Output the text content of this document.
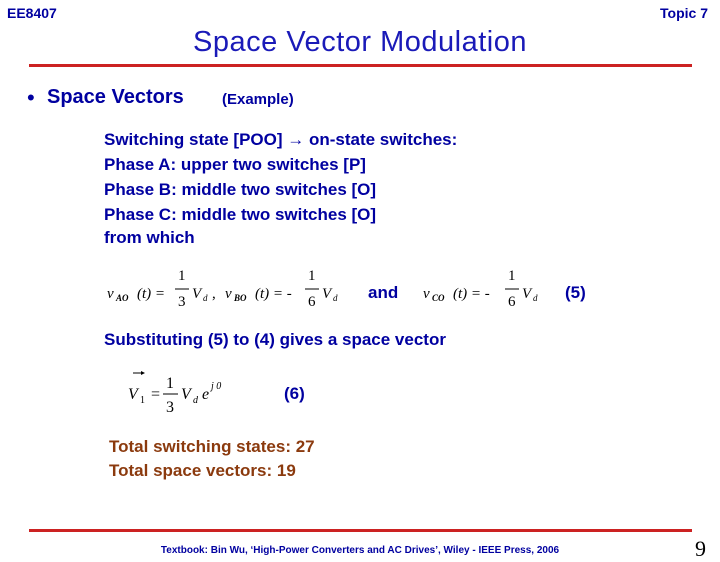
EE8407	Topic 7
Space Vector Modulation
• Space Vectors	(Example)
Switching state [POO] → on-state switches:
Phase A: upper two switches [P]
Phase B: middle two switches [O]
Phase C: middle two switches [O]
from which
v AO (t) =
1
3 V d , v BO (t) = -
1
6 V d and v CO (t) = -
1
6 V d (5)
Substituting (5) to (4) gives a space vector
V 1 =
1
3
V d e j 0	(6)
Total switching states: 27
Total space vectors: 19
Textbook: Bin Wu, ‘High-Power Converters and AC Drives’, Wiley - IEEE Press, 2006	9
